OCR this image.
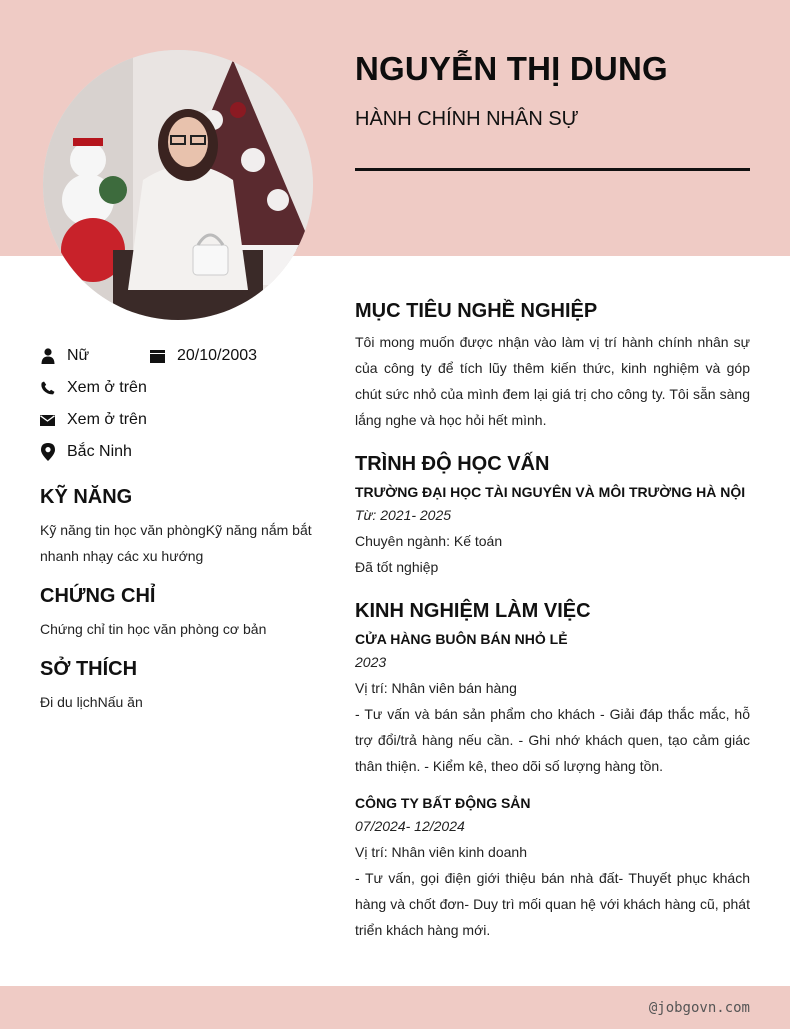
NGUYỄN THỊ DUNG
HÀNH CHÍNH NHÂN SỰ
Nữ	20/10/2003
Xem ở trên
Xem ở trên
Bắc Ninh
KỸ NĂNG
Kỹ năng tin học văn phòngKỹ năng nắm bắt nhanh nhạy các xu hướng
CHỨNG CHỈ
Chứng chỉ tin học văn phòng cơ bản
SỞ THÍCH
Đi du lịchNấu ăn
MỤC TIÊU NGHỀ NGHIỆP
Tôi mong muốn được nhận vào làm vị trí hành chính nhân sự của công ty để tích lũy thêm kiến thức, kinh nghiệm và góp chút sức nhỏ của mình đem lại giá trị cho công ty. Tôi sẵn sàng lắng nghe và học hỏi hết mình.
TRÌNH ĐỘ HỌC VẤN
TRƯỜNG ĐẠI HỌC TÀI NGUYÊN VÀ MÔI TRƯỜNG HÀ NỘI
Từ: 2021- 2025
Chuyên ngành: Kế toán
Đã tốt nghiệp
KINH NGHIỆM LÀM VIỆC
CỬA HÀNG BUÔN BÁN NHỎ LẺ
2023
Vị trí: Nhân viên bán hàng
- Tư vấn và bán sản phẩm cho khách - Giải đáp thắc mắc, hỗ trợ đổi/trả hàng nếu cần. - Ghi nhớ khách quen, tạo cảm giác thân thiện. - Kiểm kê, theo dõi số lượng hàng tồn.
CÔNG TY BẤT ĐỘNG SẢN
07/2024- 12/2024
Vị trí: Nhân viên kinh doanh
- Tư vấn, gọi điện giới thiệu bán nhà đất- Thuyết phục khách hàng và chốt đơn- Duy trì mối quan hệ với khách hàng cũ, phát triển khách hàng mới.
@jobgovn.com
